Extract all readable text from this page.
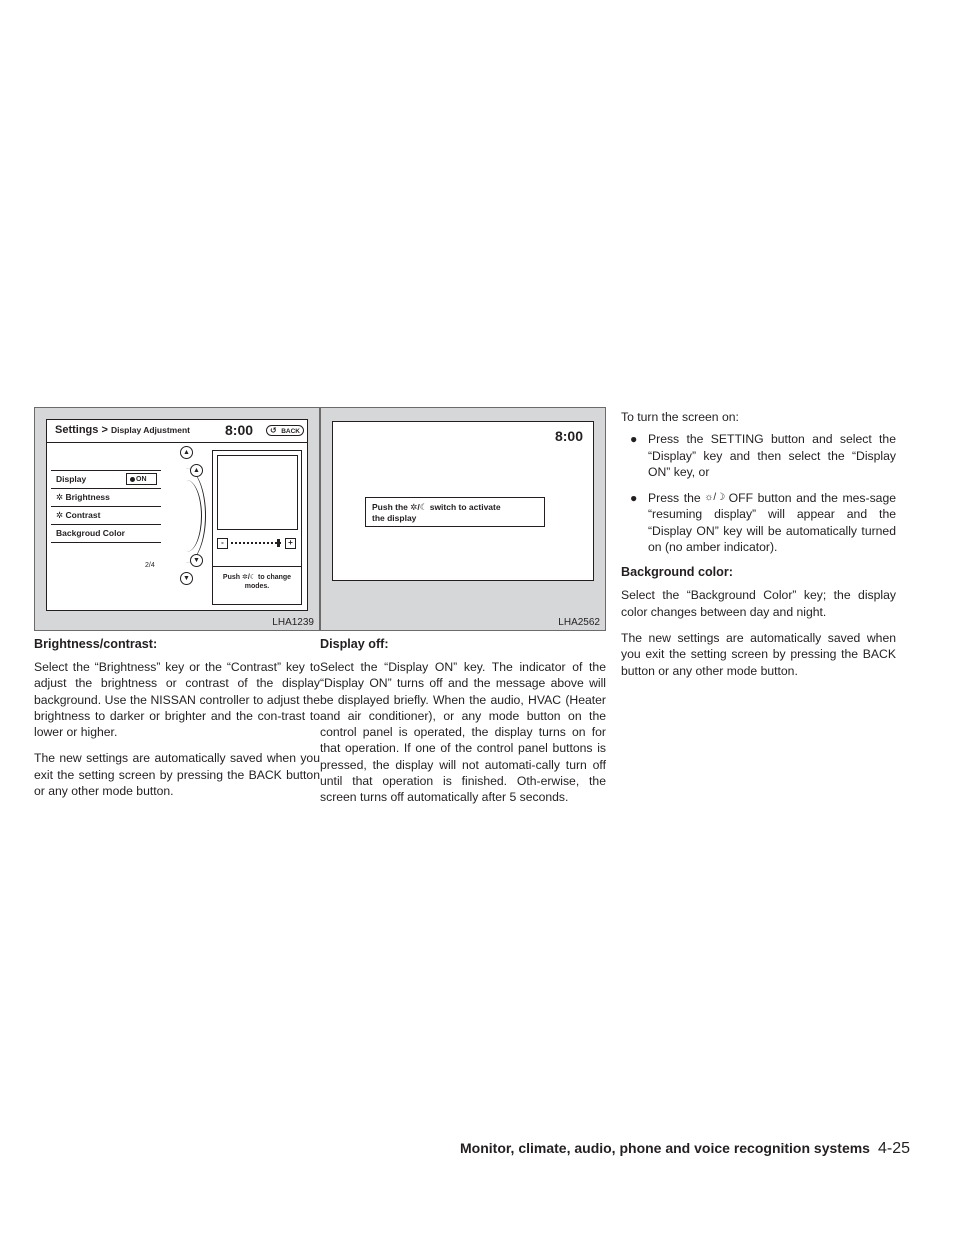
Settings > Display Adjustment	8:00
↺	BACK
Display	ON
✲ Brightness
✲ Contrast
Backgroud Color
2/4
▲
▲
▼
▼
-	+
Push ✲/☾ to change
modes.
LHA1239
Brightness/contrast:

Select the “Brightness” key or the “Contrast” key to adjust the brightness or contrast of the display background. Use the NISSAN controller to adjust the brightness to darker or brighter and the con-trast to lower or higher.

The new settings are automatically saved when you exit the setting screen by pressing the BACK button or any other mode button.

8:00
Push the ✲/☾ switch to activate
the display
LHA2562
Display off:

Select the “Display ON” key. The indicator of the “Display ON” turns off and the message above will be displayed briefly. When the audio, HVAC (Heater and air conditioner), or any mode button on the control panel is operated, the display turns on for that operation. If one of the control panel buttons is pressed, the display will not automati-cally turn off until that operation is finished. Oth-erwise, the screen turns off automatically after 5 seconds.

To turn the screen on:

● Press the SETTING button and select the “Display” key and then select the “Display ON” key, or
● Press the ☼/☽ OFF button and the mes-sage “resuming display” will appear and the “Display ON” key will be automatically turned on (no amber indicator).
Background color:

Select the “Background Color” key; the display color changes between day and night.

The new settings are automatically saved when you exit the setting screen by pressing the BACK button or any other mode button.

Monitor, climate, audio, phone and voice recognition systems 4-25
